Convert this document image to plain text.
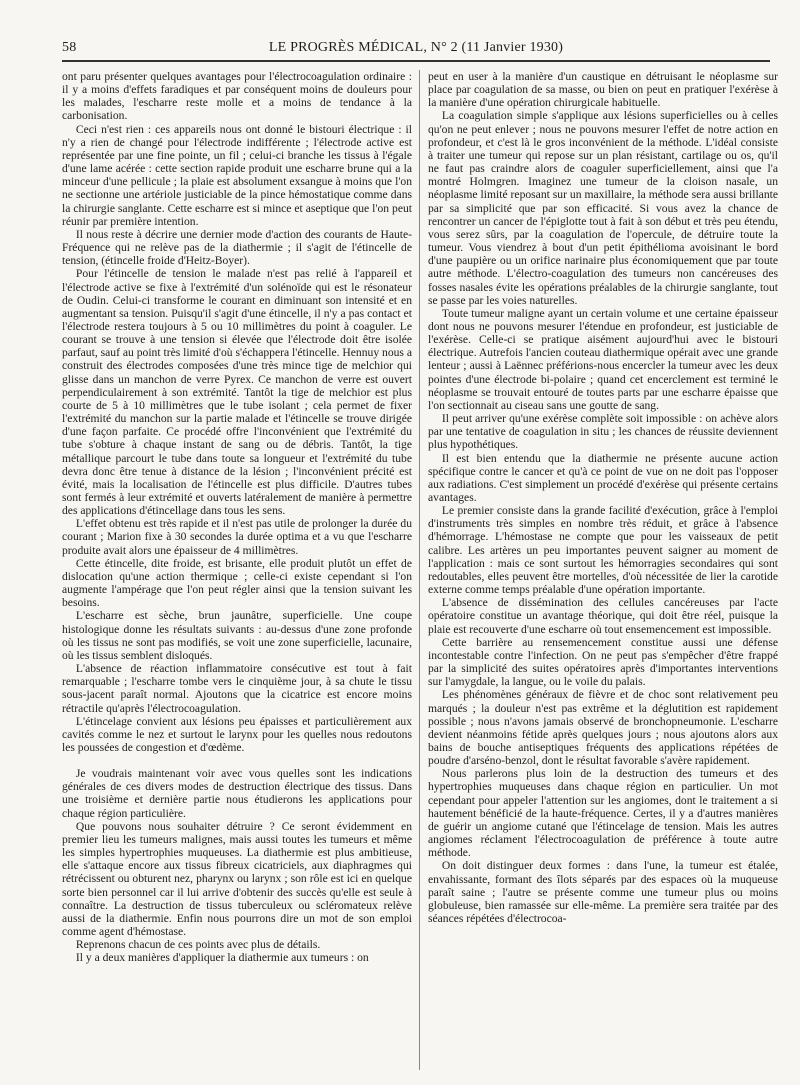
58	LE PROGRÈS MÉDICAL, N° 2 (11 Janvier 1930)

ont paru présenter quelques avantages pour l'électrocoagulation ordinaire : il y a moins d'effets faradiques et par conséquent moins de douleurs pour les malades, l'escharre reste molle et a moins de tendance à la carbonisation.

Ceci n'est rien : ces appareils nous ont donné le bistouri électrique : il n'y a rien de changé pour l'électrode indifférente ; l'électrode active est représentée par une fine pointe, un fil ; celui-ci branche les tissus à l'égale d'une lame acérée : cette section rapide produit une escharre brune qui a la minceur d'une pellicule ; la plaie est absolument exsangue à moins que l'on ne sectionne une artériole justiciable de la pince hémostatique comme dans la chirurgie sanglante. Cette escharre est si mince et aseptique que l'on peut réunir par première intention.

Il nous reste à décrire une dernier mode d'action des courants de Haute-Fréquence qui ne relève pas de la diathermie ; il s'agit de l'étincelle de tension, (étincelle froide d'Heitz-Boyer).

Pour l'étincelle de tension le malade n'est pas relié à l'appareil et l'électrode active se fixe à l'extrémité d'un solénoïde qui est le résonateur de Oudin. Celui-ci transforme le courant en diminuant son intensité et en augmentant sa tension. Puisqu'il s'agit d'une étincelle, il n'y a pas contact et l'électrode restera toujours à 5 ou 10 millimètres du point à coaguler. Le courant se trouve à une tension si élevée que l'électrode doit être isolée parfaut, sauf au point très limité d'où s'échappera l'étincelle. Hennuy nous a construit des électrodes composées d'une très mince tige de melchior qui glisse dans un manchon de verre Pyrex. Ce manchon de verre est ouvert perpendiculairement à son extrémité. Tantôt la tige de melchior est plus courte de 5 à 10 millimètres que le tube isolant ; cela permet de fixer l'extrémité du manchon sur la partie malade et l'étincelle se trouve dirigée d'une façon parfaite. Ce procédé offre l'inconvénient que l'extrémité du tube s'obture à chaque instant de sang ou de débris. Tantôt, la tige métallique parcourt le tube dans toute sa longueur et l'extrémité du tube devra donc être tenue à distance de la lésion ; l'inconvénient précité est évité, mais la localisation de l'étincelle est plus difficile. D'autres tubes sont fermés à leur extrémité et ouverts latéralement de manière à permettre des applications d'étincellage dans tous les sens.

L'effet obtenu est très rapide et il n'est pas utile de prolonger la durée du courant ; Marion fixe à 30 secondes la durée optima et a vu que l'escharre produite avait alors une épaisseur de 4 millimètres.

Cette étincelle, dite froide, est brisante, elle produit plutôt un effet de dislocation qu'une action thermique ; celle-ci existe cependant si l'on augmente l'ampérage que l'on peut régler ainsi que la tension suivant les besoins.

L'escharre est sèche, brun jaunâtre, superficielle. Une coupe histologique donne les résultats suivants : au-dessus d'une zone profonde où les tissus ne sont pas modifiés, se voit une zone superficielle, lacunaire, où les tissus semblent disloqués.

L'absence de réaction inflammatoire consécutive est tout à fait remarquable ; l'escharre tombe vers le cinquième jour, à sa chute le tissu sous-jacent paraît normal. Ajoutons que la cicatrice est encore moins rétractile qu'après l'électrocoagulation.

L'étincelage convient aux lésions peu épaisses et particulièrement aux cavités comme le nez et surtout le larynx pour les quelles nous redoutons les poussées de congestion et d'œdème.

Je voudrais maintenant voir avec vous quelles sont les indications générales de ces divers modes de destruction électrique des tissus. Dans une troisième et dernière partie nous étudierons les applications pour chaque région particulière.

Que pouvons nous souhaiter détruire ? Ce seront évidemment en premier lieu les tumeurs malignes, mais aussi toutes les tumeurs et même les simples hypertrophies muqueuses. La diathermie est plus ambitieuse, elle s'attaque encore aux tissus fibreux cicatriciels, aux diaphragmes qui rétrécissent ou obturent nez, pharynx ou larynx ; son rôle est ici en quelque sorte bien personnel car il lui arrive d'obtenir des succès qu'elle est seule à connaître. La destruction de tissus tuberculeux ou scléromateux relève aussi de la diathermie. Enfin nous pourrons dire un mot de son emploi comme agent d'hémostase.

Reprenons chacun de ces points avec plus de détails.

Il y a deux manières d'appliquer la diathermie aux tumeurs : on

peut en user à la manière d'un caustique en détruisant le néoplasme sur place par coagulation de sa masse, ou bien on peut en pratiquer l'exérèse à la manière d'une opération chirurgicale habituelle.

La coagulation simple s'applique aux lésions superficielles ou à celles qu'on ne peut enlever ; nous ne pouvons mesurer l'effet de notre action en profondeur, et c'est là le gros inconvénient de la méthode. L'idéal consiste à traiter une tumeur qui repose sur un plan résistant, cartilage ou os, qu'il ne faut pas craindre alors de coaguler superficiellement, ainsi que l'a montré Holmgren. Imaginez une tumeur de la cloison nasale, un néoplasme limité reposant sur un maxillaire, la méthode sera aussi brillante par sa simplicité que par son efficacité. Si vous avez la chance de rencontrer un cancer de l'épiglotte tout à fait à son début et très peu étendu, vous serez sûrs, par la coagulation de l'opercule, de détruire toute la tumeur. Vous viendrez à bout d'un petit épithélioma avoisinant le bord d'une paupière ou un orifice narinaire plus économiquement que par toute autre méthode. L'électro-coagulation des tumeurs non cancéreuses des fosses nasales évite les opérations préalables de la chirurgie sanglante, tout se passe par les voies naturelles.

Toute tumeur maligne ayant un certain volume et une certaine épaisseur dont nous ne pouvons mesurer l'étendue en profondeur, est justiciable de l'exérèse. Celle-ci se pratique aisément aujourd'hui avec le bistouri électrique. Autrefois l'ancien couteau diathermique opérait avec une grande lenteur ; aussi à Laënnec préférions-nous encercler la tumeur avec les deux pointes d'une électrode bi-polaire ; quand cet encerclement est terminé le néoplasme se trouvait entouré de toutes parts par une escharre épaisse que l'on sectionnait au ciseau sans une goutte de sang.

Il peut arriver qu'une exérèse complète soit impossible : on achève alors par une tentative de coagulation in situ ; les chances de réussite deviennent plus hypothétiques.

Il est bien entendu que la diathermie ne présente aucune action spécifique contre le cancer et qu'à ce point de vue on ne doit pas l'opposer aux radiations. C'est simplement un procédé d'exérèse qui présente certains avantages.

Le premier consiste dans la grande facilité d'exécution, grâce à l'emploi d'instruments très simples en nombre très réduit, et grâce à l'absence d'hémorrage. L'hémostase ne compte que pour les vaisseaux de petit calibre. Les artères un peu importantes peuvent saigner au moment de l'application : mais ce sont surtout les hémorragies secondaires qui sont redoutables, elles peuvent être mortelles, d'où nécessitée de lier la carotide externe comme temps préalable d'une opération importante.

L'absence de dissémination des cellules cancéreuses par l'acte opératoire constitue un avantage théorique, qui doit être réel, puisque la plaie est recouverte d'une escharre où tout ensemencement est impossible.

Cette barrière au rensemencement constitue aussi une défense incontestable contre l'infection. On ne peut pas s'empêcher d'être frappé par la simplicité des suites opératoires après d'importantes interventions sur l'amygdale, la langue, ou le voile du palais.

Les phénomènes généraux de fièvre et de choc sont relativement peu marqués ; la douleur n'est pas extrême et la déglutition est rapidement possible ; nous n'avons jamais observé de bronchopneumonie. L'escharre devient néanmoins fétide après quelques jours ; nous ajoutons alors aux bains de bouche antiseptiques fréquents des applications répétées de poudre d'arséno-benzol, dont le résultat favorable s'avère rapidement.

Nous parlerons plus loin de la destruction des tumeurs et des hypertrophies muqueuses dans chaque région en particulier. Un mot cependant pour appeler l'attention sur les angiomes, dont le traitement a si hautement bénéficié de la haute-fréquence. Certes, il y a d'autres manières de guérir un angiome cutané que l'étincelage de tension. Mais les autres angiomes réclament l'électrocoagulation de préférence à toute autre méthode.

On doit distinguer deux formes : dans l'une, la tumeur est étalée, envahissante, formant des îlots séparés par des espaces où la muqueuse paraît saine ; l'autre se présente comme une tumeur plus ou moins globuleuse, bien ramassée sur elle-même. La première sera traitée par des séances répétées d'électrocoa-
